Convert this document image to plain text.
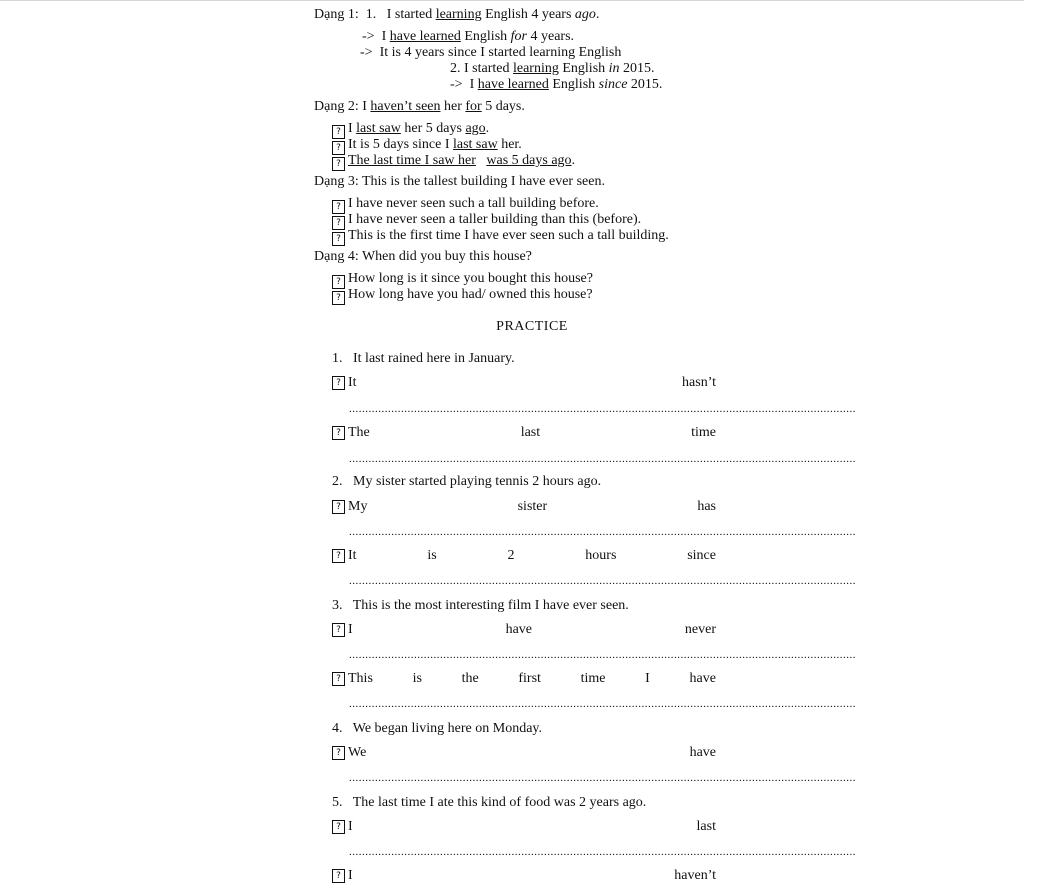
Dạng 1: 1. I started learning English 4 years ago.
-> I have learned English for 4 years.
-> It is 4 years since I started learning English
2. I started learning English in 2015.
-> I have learned English since 2015.
Dạng 2: I haven’t seen her for 5 days.
? I last saw her 5 days ago.
? It is 5 days since I last saw her.
? The last time I saw her was 5 days ago.
Dạng 3: This is the tallest building I have ever seen.
? I have never seen such a tall building before.
? I have never seen a taller building than this (before).
? This is the first time I have ever seen such a tall building.
Dạng 4: When did you buy this house?
? How long is it since you bought this house?
? How long have you had/ owned this house?
PRACTICE
1. It last rained here in January.
? It	hasn’t
............................................................................................................................................................
? The	last	time
............................................................................................................................................................
2. My sister started playing tennis 2 hours ago.
? My	sister	has
............................................................................................................................................................
? It	is	2	hours	since
............................................................................................................................................................
3. This is the most interesting film I have ever seen.
? I	have	never
............................................................................................................................................................
? This	is	the	first	time	I	have
............................................................................................................................................................
4. We began living here on Monday.
? We	have
............................................................................................................................................................
5. The last time I ate this kind of food was 2 years ago.
? I	last
............................................................................................................................................................
? I	haven’t
